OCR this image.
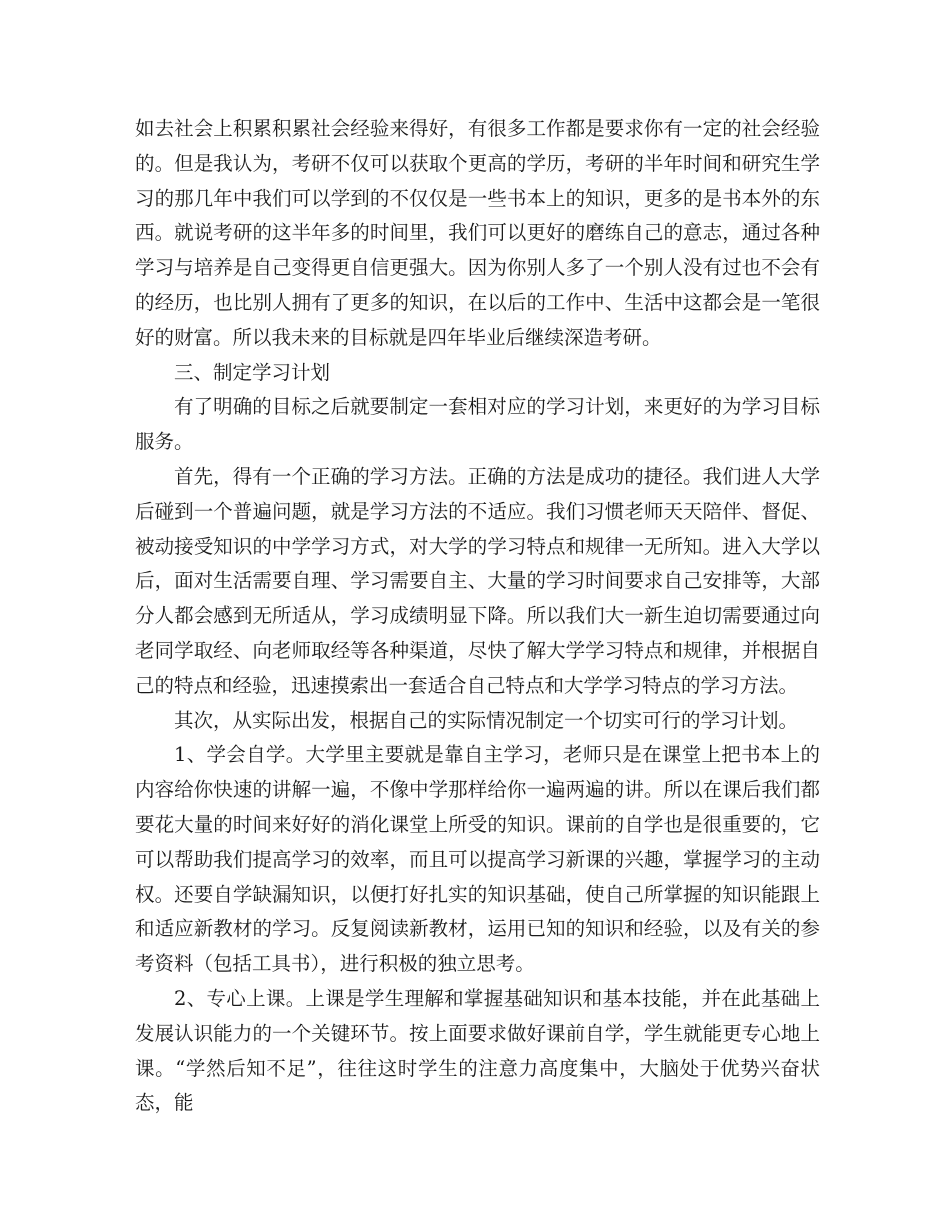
如去社会上积累积累社会经验来得好，有很多工作都是要求你有一定的社会经验的。但是我认为，考研不仅可以获取个更高的学历，考研的半年时间和研究生学习的那几年中我们可以学到的不仅仅是一些书本上的知识，更多的是书本外的东西。就说考研的这半年多的时间里，我们可以更好的磨练自己的意志，通过各种学习与培养是自己变得更自信更强大。因为你别人多了一个别人没有过也不会有的经历，也比别人拥有了更多的知识，在以后的工作中、生活中这都会是一笔很好的财富。所以我未来的目标就是四年毕业后继续深造考研。

三、制定学习计划

有了明确的目标之后就要制定一套相对应的学习计划，来更好的为学习目标服务。

首先，得有一个正确的学习方法。正确的方法是成功的捷径。我们进人大学后碰到一个普遍问题，就是学习方法的不适应。我们习惯老师天天陪伴、督促、被动接受知识的中学学习方式，对大学的学习特点和规律一无所知。进入大学以后，面对生活需要自理、学习需要自主、大量的学习时间要求自己安排等，大部分人都会感到无所适从，学习成绩明显下降。所以我们大一新生迫切需要通过向老同学取经、向老师取经等各种渠道，尽快了解大学学习特点和规律，并根据自己的特点和经验，迅速摸索出一套适合自己特点和大学学习特点的学习方法。

其次，从实际出发，根据自己的实际情况制定一个切实可行的学习计划。

1、学会自学。大学里主要就是靠自主学习，老师只是在课堂上把书本上的内容给你快速的讲解一遍，不像中学那样给你一遍两遍的讲。所以在课后我们都要花大量的时间来好好的消化课堂上所受的知识。课前的自学也是很重要的，它可以帮助我们提高学习的效率，而且可以提高学习新课的兴趣，掌握学习的主动权。还要自学缺漏知识，以便打好扎实的知识基础，使自己所掌握的知识能跟上和适应新教材的学习。反复阅读新教材，运用已知的知识和经验，以及有关的参考资料（包括工具书），进行积极的独立思考。

2、专心上课。上课是学生理解和掌握基础知识和基本技能，并在此基础上发展认识能力的一个关键环节。按上面要求做好课前自学，学生就能更专心地上课。“学然后知不足”，往往这时学生的注意力高度集中，大脑处于优势兴奋状态，能
